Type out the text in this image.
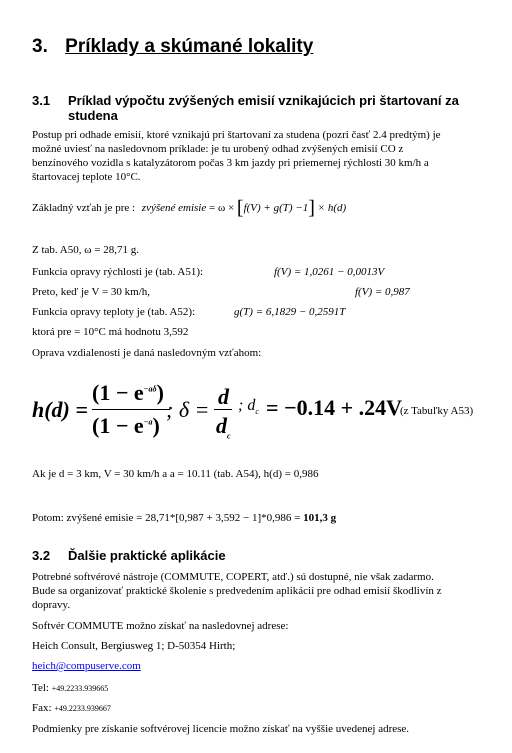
3. Príklady a skúmané lokality
3.1 Príklad výpočtu zvýšených emisií vznikajúcich pri štartovaní za
studena
Postup pri odhade emisií, ktoré vznikajú pri štartovaní za studena (pozri časť 2.4 predtým) je
možné uviesť na nasledovnom príklade: je tu urobený odhad zvýšených emisií CO z
benzínového vozidla s katalyzátorom počas 3 km jazdy pri priemernej rýchlosti 30 km/h a
štartovacej teplote 10°C.
Základný vzťah je pre : zvýšené emisie = ω × [f(V) + g(T) −1] × h(d)
Z tab. A50, ω = 28,71 g.
Funkcia opravy rýchlosti je (tab. A51):	f(V) = 1,0261 − 0,0013V
Preto, keď je V = 30 km/h,	f(V) = 0,987
Funkcia opravy teploty je (tab. A52):	g(T) = 6,1829 − 0,2591T
ktorá pre = 10°C má hodnotu 3,592
Oprava vzdialenosti je daná nasledovným vzťahom:
h(d) =
$(1 - e^{-a\delta})$
$(1 - e^{-a})$
; δ =
d
$d_c$
; $d_c = -0.14 + .24V$
(z Tabuľky A53)
Ak je d = 3 km, V = 30 km/h a a = 10.11 (tab. A54), h(d) = 0,986
Potom: zvýšené emisie = 28,71*[0,987 + 3,592 − 1]*0,986 = 101,3 g
3.2 Ďalšie praktické aplikácie
Potrebné softvérové nástroje (COMMUTE, COPERT, atď.) sú dostupné, nie však zadarmo.
Bude sa organizovať praktické školenie s predvedením aplikácií pre odhad emisií škodlivín z
dopravy.
Softvér COMMUTE možno získať na nasledovnej adrese:
Heich Consult, Bergiusweg 1; D-50354 Hirth;
heich@compuserve.com
Tel: +49.2233.939665
Fax: +49.2233.939667
Podmienky pre získanie softvérovej licencie možno získať na vyššie uvedenej adrese.
